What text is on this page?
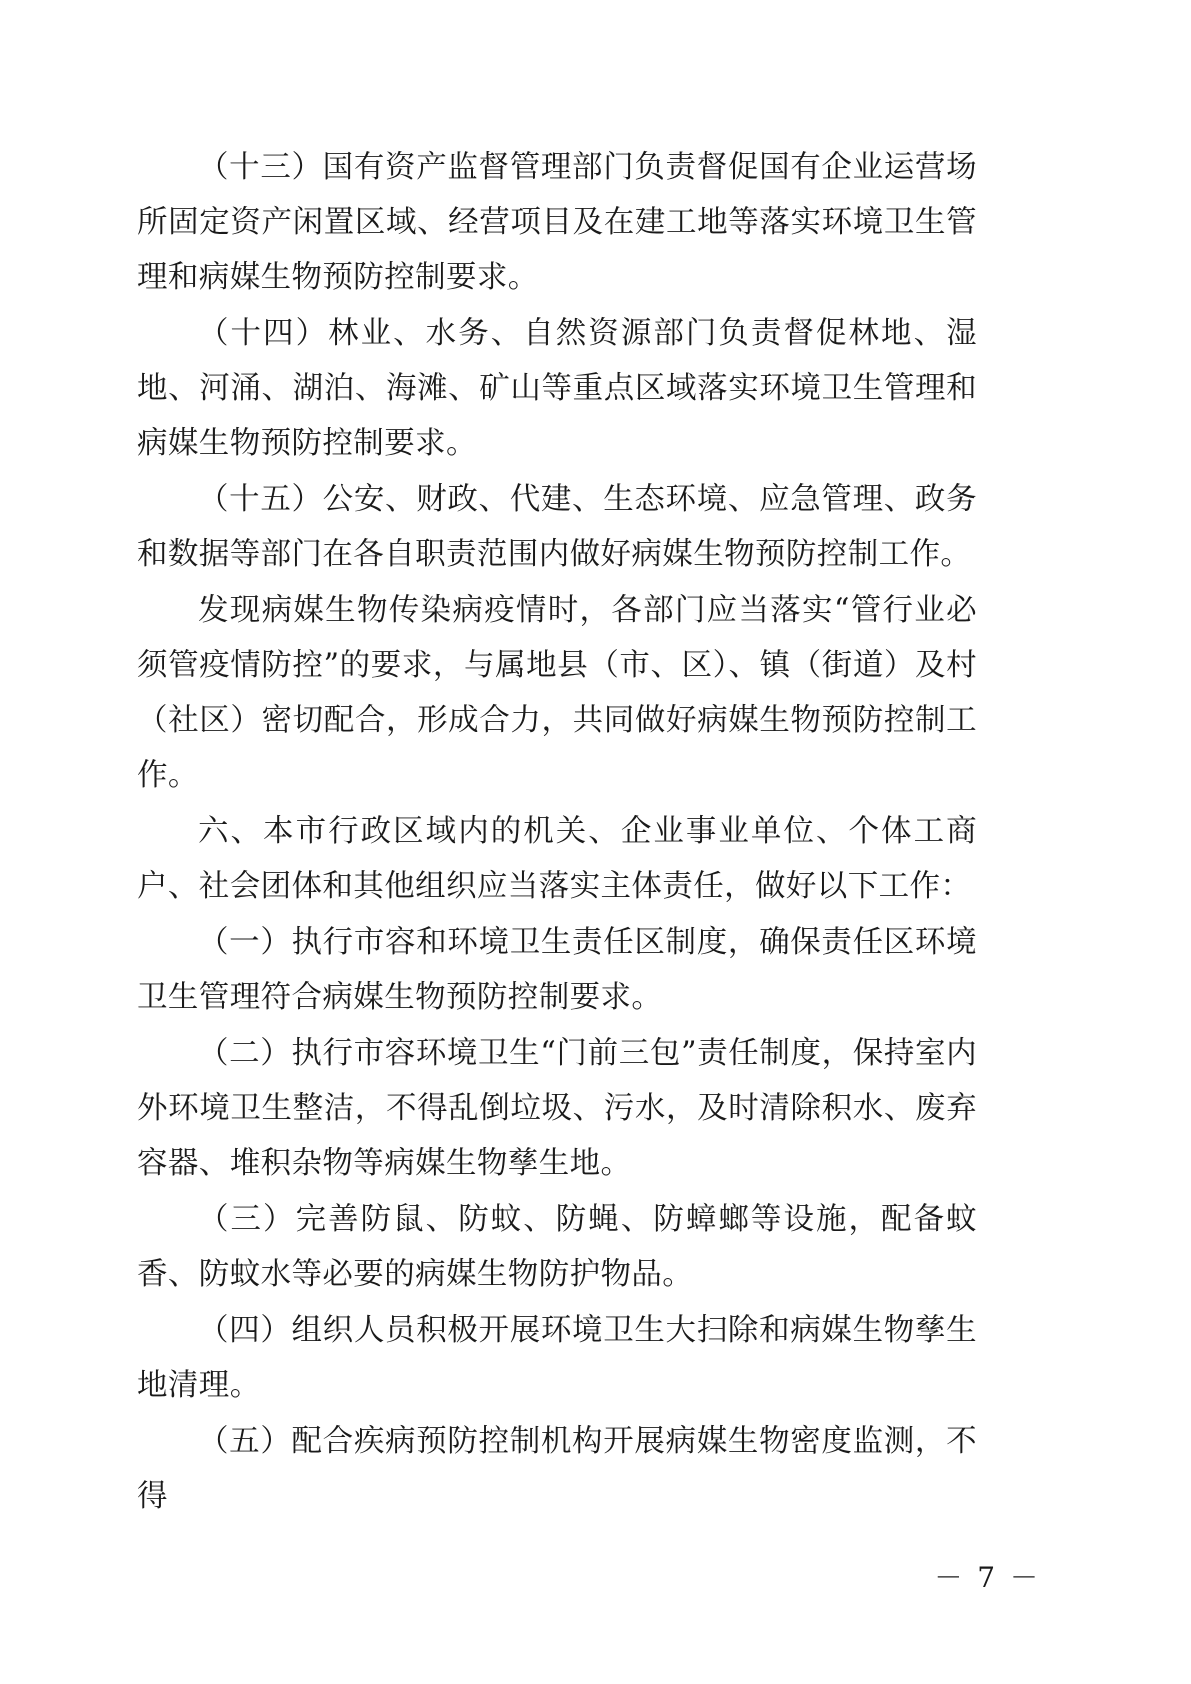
（十三）国有资产监督管理部门负责督促国有企业运营场所固定资产闲置区域、经营项目及在建工地等落实环境卫生管理和病媒生物预防控制要求。

（十四）林业、水务、自然资源部门负责督促林地、湿地、河涌、湖泊、海滩、矿山等重点区域落实环境卫生管理和病媒生物预防控制要求。

（十五）公安、财政、代建、生态环境、应急管理、政务和数据等部门在各自职责范围内做好病媒生物预防控制工作。

发现病媒生物传染病疫情时，各部门应当落实“管行业必须管疫情防控”的要求，与属地县（市、区）、镇（街道）及村（社区）密切配合，形成合力，共同做好病媒生物预防控制工作。

六、本市行政区域内的机关、企业事业单位、个体工商户、社会团体和其他组织应当落实主体责任，做好以下工作：

（一）执行市容和环境卫生责任区制度，确保责任区环境卫生管理符合病媒生物预防控制要求。

（二）执行市容环境卫生“门前三包”责任制度，保持室内外环境卫生整洁，不得乱倒垃圾、污水，及时清除积水、废弃容器、堆积杂物等病媒生物孳生地。

（三）完善防鼠、防蚊、防蝇、防蟑螂等设施，配备蚊香、防蚊水等必要的病媒生物防护物品。

（四）组织人员积极开展环境卫生大扫除和病媒生物孳生地清理。

（五）配合疾病预防控制机构开展病媒生物密度监测，不得

－ 7 －
